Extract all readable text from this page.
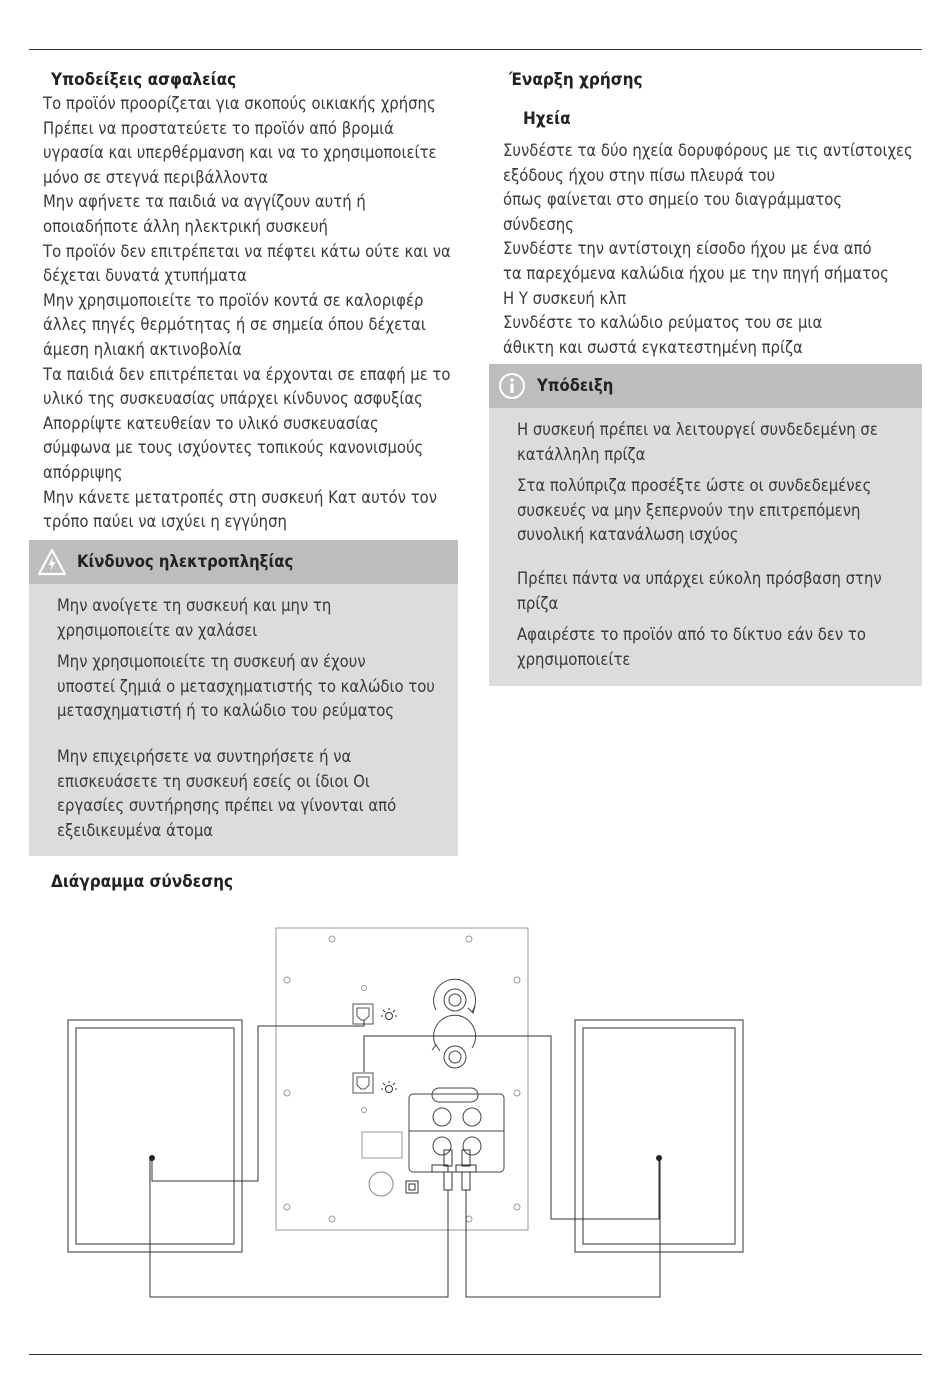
Υποδείξεις ασφαλείας
Το προϊόν προορίζεται για σκοπούς οικιακής χρήσης
Πρέπει να προστατεύετε το προϊόν από βρομιά
υγρασία και υπερθέρμανση και να το χρησιμοποιείτε
μόνο σε στεγνά περιβάλλοντα
Μην αφήνετε τα παιδιά να αγγίζουν αυτή ή
οποιαδήποτε άλλη ηλεκτρική συσκευή
Το προϊόν δεν επιτρέπεται να πέφτει κάτω ούτε και να
δέχεται δυνατά χτυπήματα
Μην χρησιμοποιείτε το προϊόν κοντά σε καλοριφέρ
άλλες πηγές θερμότητας ή σε σημεία όπου δέχεται
άμεση ηλιακή ακτινοβολία
Τα παιδιά δεν επιτρέπεται να έρχονται σε επαφή με το
υλικό της συσκευασίας υπάρχει κίνδυνος ασφυξίας
Απορρίψτε κατευθείαν το υλικό συσκευασίας
σύμφωνα με τους ισχύοντες τοπικούς κανονισμούς
απόρριψης
Μην κάνετε μετατροπές στη συσκευή Κατ αυτόν τον
τρόπο παύει να ισχύει η εγγύηση
Κίνδυνος ηλεκτροπληξίας
Μην ανοίγετε τη συσκευή και μην τη
χρησιμοποιείτε αν χαλάσει
Μην χρησιμοποιείτε τη συσκευή αν έχουν
υποστεί ζημιά ο μετασχηματιστής το καλώδιο του
μετασχηματιστή ή το καλώδιο του ρεύματος
Μην επιχειρήσετε να συντηρήσετε ή να
επισκευάσετε τη συσκευή εσείς οι ίδιοι Οι
εργασίες συντήρησης πρέπει να γίνονται από
εξειδικευμένα άτομα
Διάγραμμα σύνδεσης
Έναρξη χρήσης
Ηχεία
Συνδέστε τα δύο ηχεία δορυφόρους με τις αντίστοιχες
εξόδους ήχου στην πίσω πλευρά του
όπως φαίνεται στο σημείο του διαγράμματος
σύνδεσης
Συνδέστε την αντίστοιχη είσοδο ήχου με ένα από
τα παρεχόμενα καλώδια ήχου με την πηγή σήματος
Η Υ συσκευή κλπ
Συνδέστε το καλώδιο ρεύματος του σε μια
άθικτη και σωστά εγκατεστημένη πρίζα
Υπόδειξη
Η συσκευή πρέπει να λειτουργεί συνδεδεμένη σε
κατάλληλη πρίζα
Στα πολύπριζα προσέξτε ώστε οι συνδεδεμένες
συσκευές να μην ξεπερνούν την επιτρεπόμενη
συνολική κατανάλωση ισχύος
Πρέπει πάντα να υπάρχει εύκολη πρόσβαση στην
πρίζα
Αφαιρέστε το προϊόν από το δίκτυο εάν δεν το
χρησιμοποιείτε
